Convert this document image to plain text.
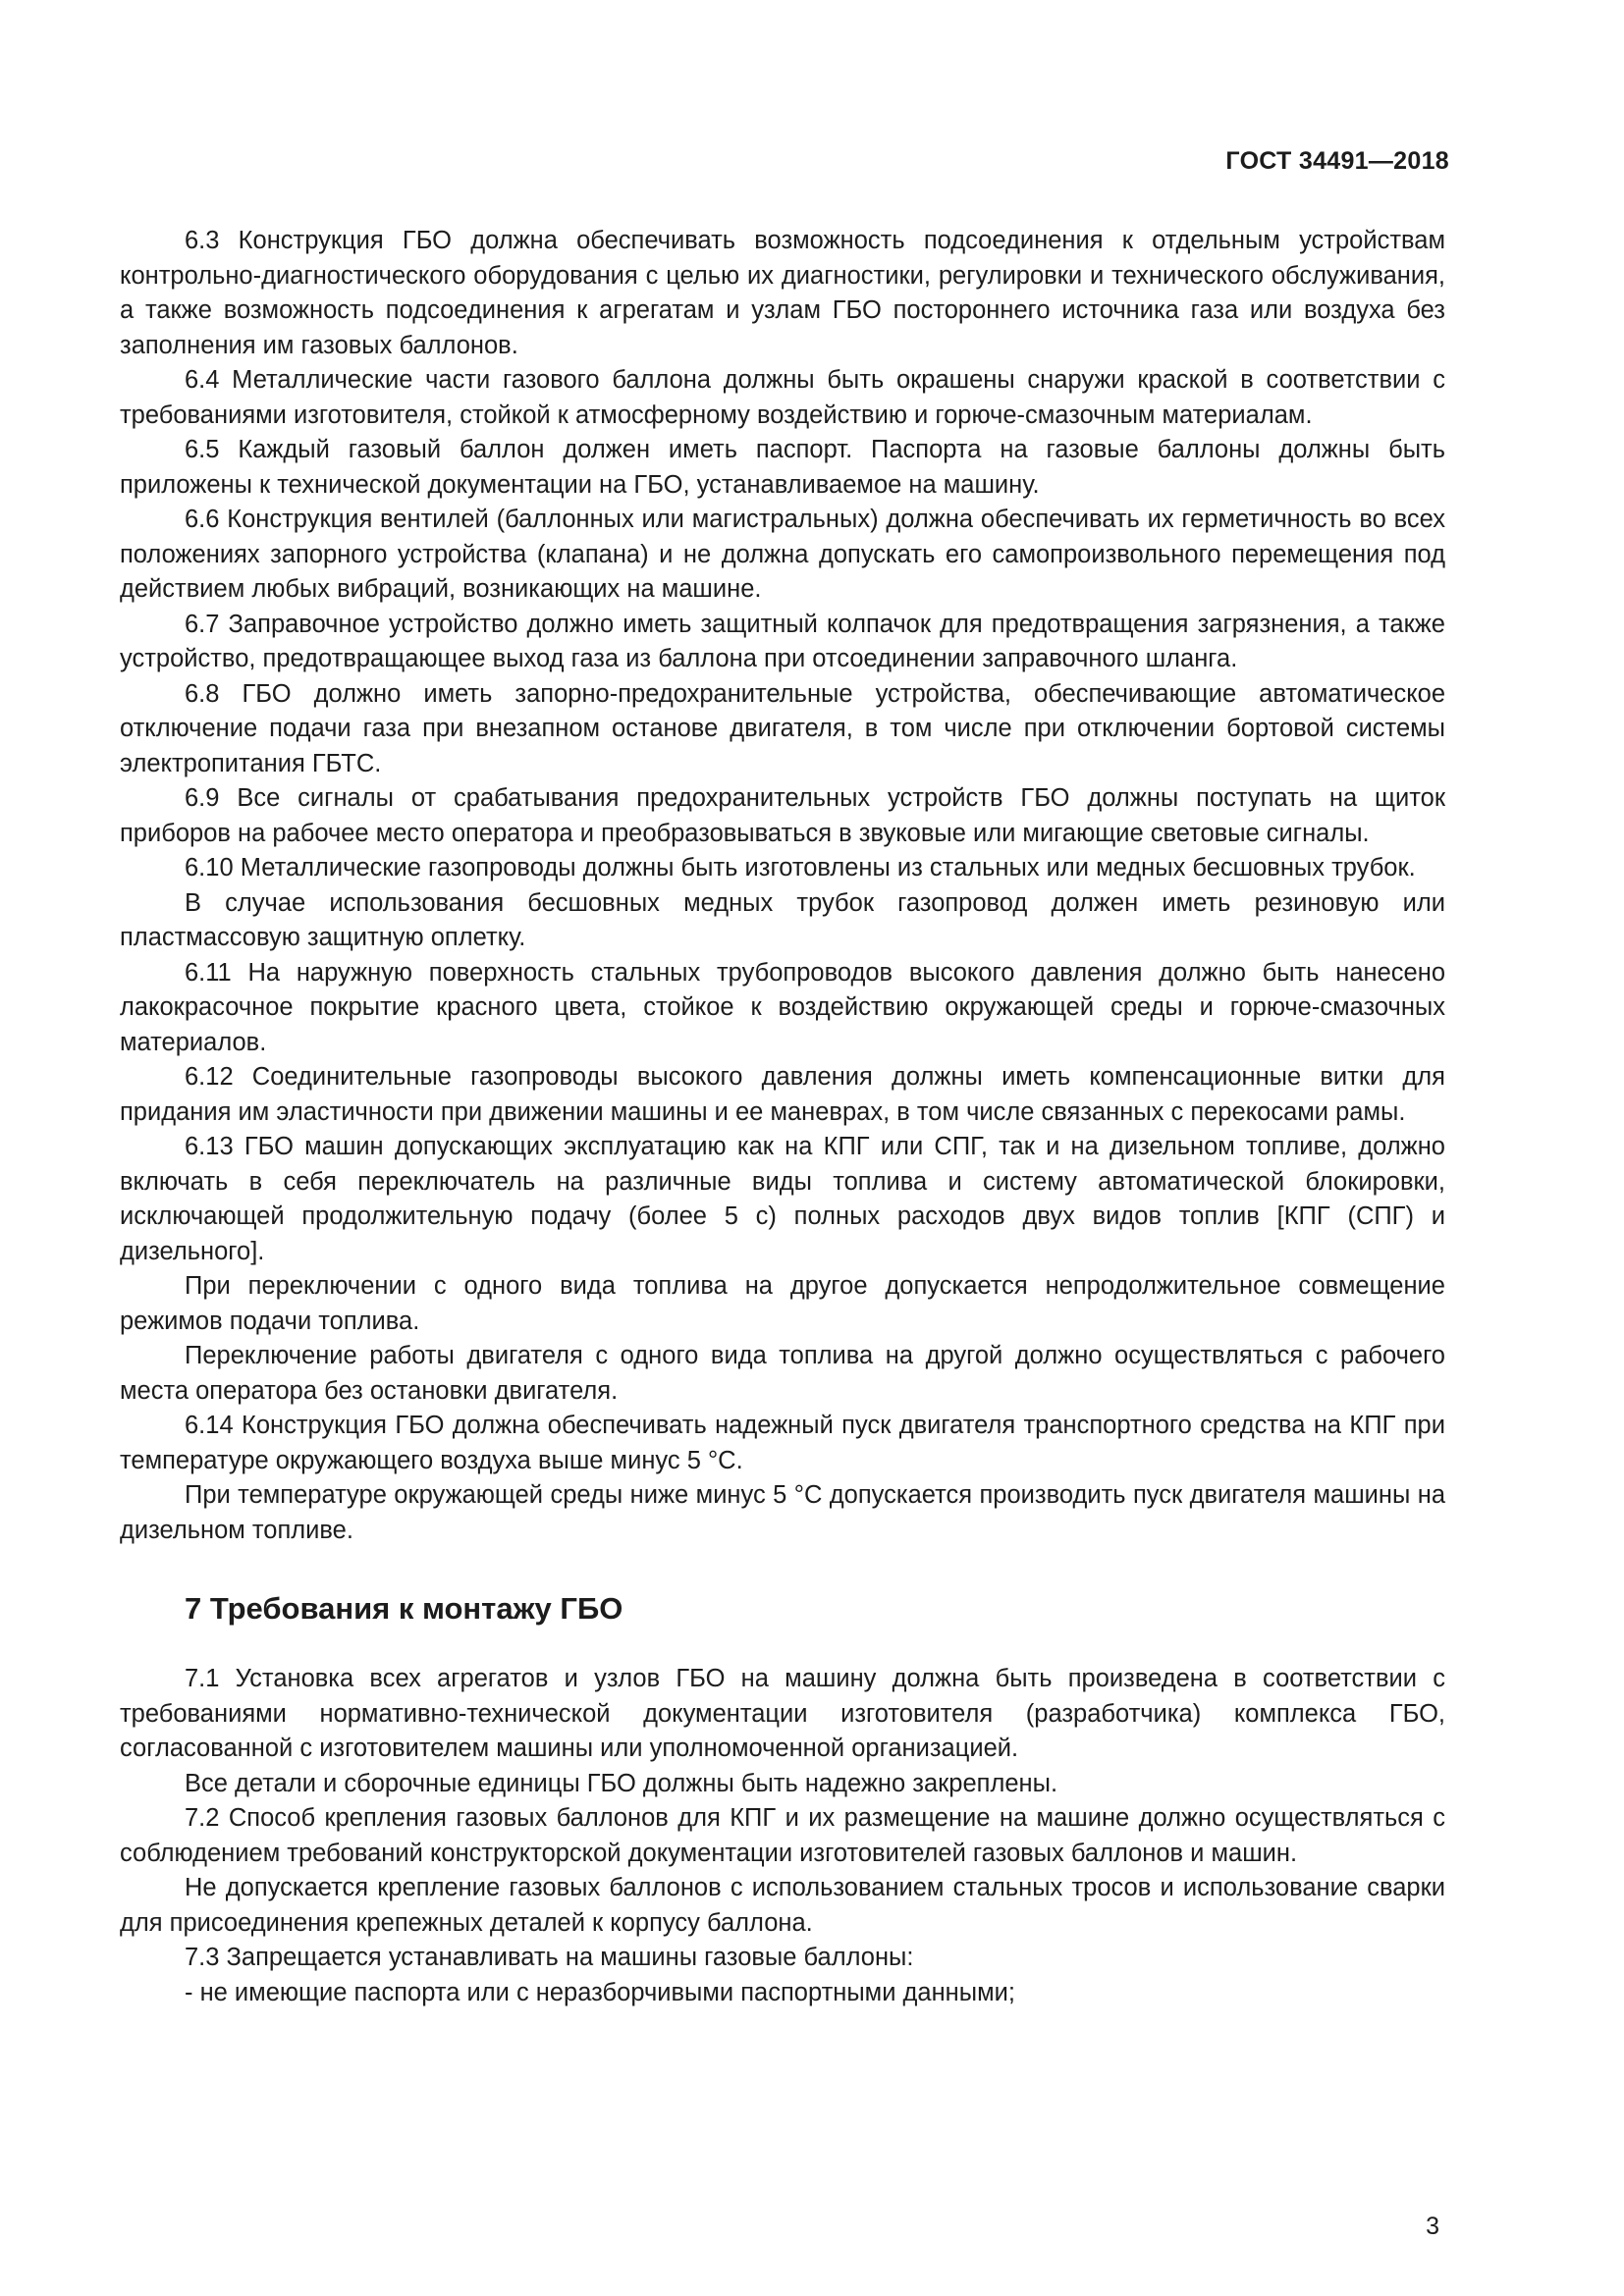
ГОСТ 34491—2018

6.3 Конструкция ГБО должна обеспечивать возможность подсоединения к отдельным устройствам контрольно-диагностического оборудования с целью их диагностики, регулировки и технического обслуживания, а также возможность подсоединения к агрегатам и узлам ГБО постороннего источника газа или воздуха без заполнения им газовых баллонов.

6.4 Металлические части газового баллона должны быть окрашены снаружи краской в соответствии с требованиями изготовителя, стойкой к атмосферному воздействию и горюче-смазочным материалам.

6.5 Каждый газовый баллон должен иметь паспорт. Паспорта на газовые баллоны должны быть приложены к технической документации на ГБО, устанавливаемое на машину.

6.6 Конструкция вентилей (баллонных или магистральных) должна обеспечивать их герметичность во всех положениях запорного устройства (клапана) и не должна допускать его самопроизвольного перемещения под действием любых вибраций, возникающих на машине.

6.7 Заправочное устройство должно иметь защитный колпачок для предотвращения загрязнения, а также устройство, предотвращающее выход газа из баллона при отсоединении заправочного шланга.

6.8 ГБО должно иметь запорно-предохранительные устройства, обеспечивающие автоматическое отключение подачи газа при внезапном останове двигателя, в том числе при отключении бортовой системы электропитания ГБТС.

6.9 Все сигналы от срабатывания предохранительных устройств ГБО должны поступать на щиток приборов на рабочее место оператора и преобразовываться в звуковые или мигающие световые сигналы.

6.10 Металлические газопроводы должны быть изготовлены из стальных или медных бесшовных трубок.

В случае использования бесшовных медных трубок газопровод должен иметь резиновую или пластмассовую защитную оплетку.

6.11 На наружную поверхность стальных трубопроводов высокого давления должно быть нанесено лакокрасочное покрытие красного цвета, стойкое к воздействию окружающей среды и горюче-смазочных материалов.

6.12 Соединительные газопроводы высокого давления должны иметь компенсационные витки для придания им эластичности при движении машины и ее маневрах, в том числе связанных с перекосами рамы.

6.13 ГБО машин допускающих эксплуатацию как на КПГ или СПГ, так и на дизельном топливе, должно включать в себя переключатель на различные виды топлива и систему автоматической блокировки, исключающей продолжительную подачу (более 5 с) полных расходов двух видов топлив [КПГ (СПГ) и дизельного].

При переключении с одного вида топлива на другое допускается непродолжительное совмещение режимов подачи топлива.

Переключение работы двигателя с одного вида топлива на другой должно осуществляться с рабочего места оператора без остановки двигателя.

6.14 Конструкция ГБО должна обеспечивать надежный пуск двигателя транспортного средства на КПГ при температуре окружающего воздуха выше минус 5 °С.

При температуре окружающей среды ниже минус 5 °С допускается производить пуск двигателя машины на дизельном топливе.

7 Требования к монтажу ГБО

7.1 Установка всех агрегатов и узлов ГБО на машину должна быть произведена в соответствии с требованиями нормативно-технической документации изготовителя (разработчика) комплекса ГБО, согласованной с изготовителем машины или уполномоченной организацией.

Все детали и сборочные единицы ГБО должны быть надежно закреплены.

7.2 Способ крепления газовых баллонов для КПГ и их размещение на машине должно осуществляться с соблюдением требований конструкторской документации изготовителей газовых баллонов и машин.

Не допускается крепление газовых баллонов с использованием стальных тросов и использование сварки для присоединения крепежных деталей к корпусу баллона.

7.3 Запрещается устанавливать на машины газовые баллоны:

- не имеющие паспорта или с неразборчивыми паспортными данными;

3
